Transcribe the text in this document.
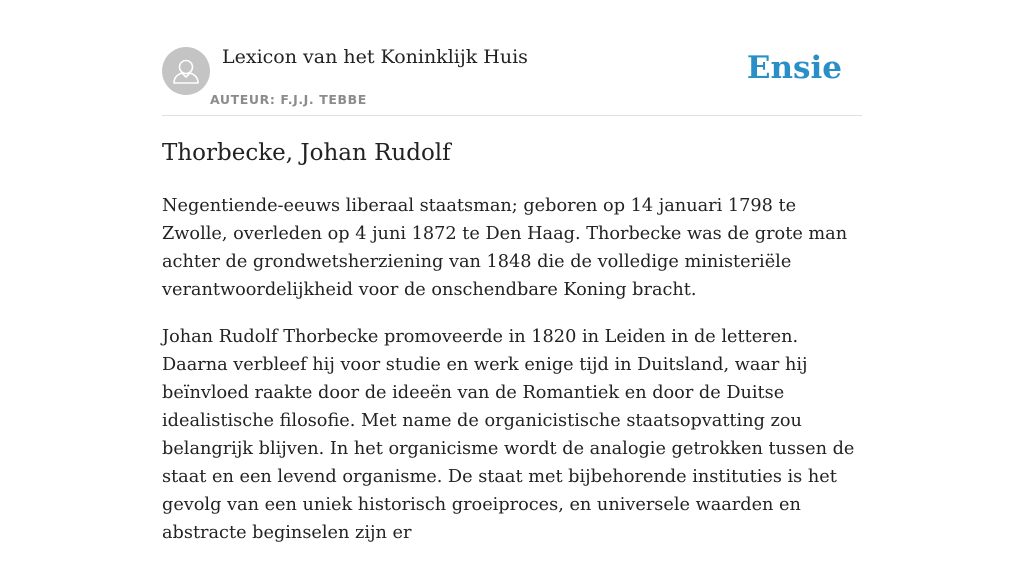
Lexicon van het Koninklijk Huis
AUTEUR: F.J.J. TEBBE
Ensie
Thorbecke, Johan Rudolf

Negentiende-eeuws liberaal staatsman; geboren op 14 januari 1798 te Zwolle, overleden op 4 juni 1872 te Den Haag. Thorbecke was de grote man achter de grondwetsherziening van 1848 die de volledige ministeriële verantwoordelijkheid voor de onschendbare Koning bracht.

Johan Rudolf Thorbecke promoveerde in 1820 in Leiden in de letteren. Daarna verbleef hij voor studie en werk enige tijd in Duitsland, waar hij beïnvloed raakte door de ideeën van de Romantiek en door de Duitse idealistische filosofie. Met name de organicistische staatsopvatting zou belangrijk blijven. In het organicisme wordt de analogie getrokken tussen de staat en een levend organisme. De staat met bijbehorende instituties is het gevolg van een uniek historisch groeiproces, en universele waarden en abstracte beginselen zijn er
